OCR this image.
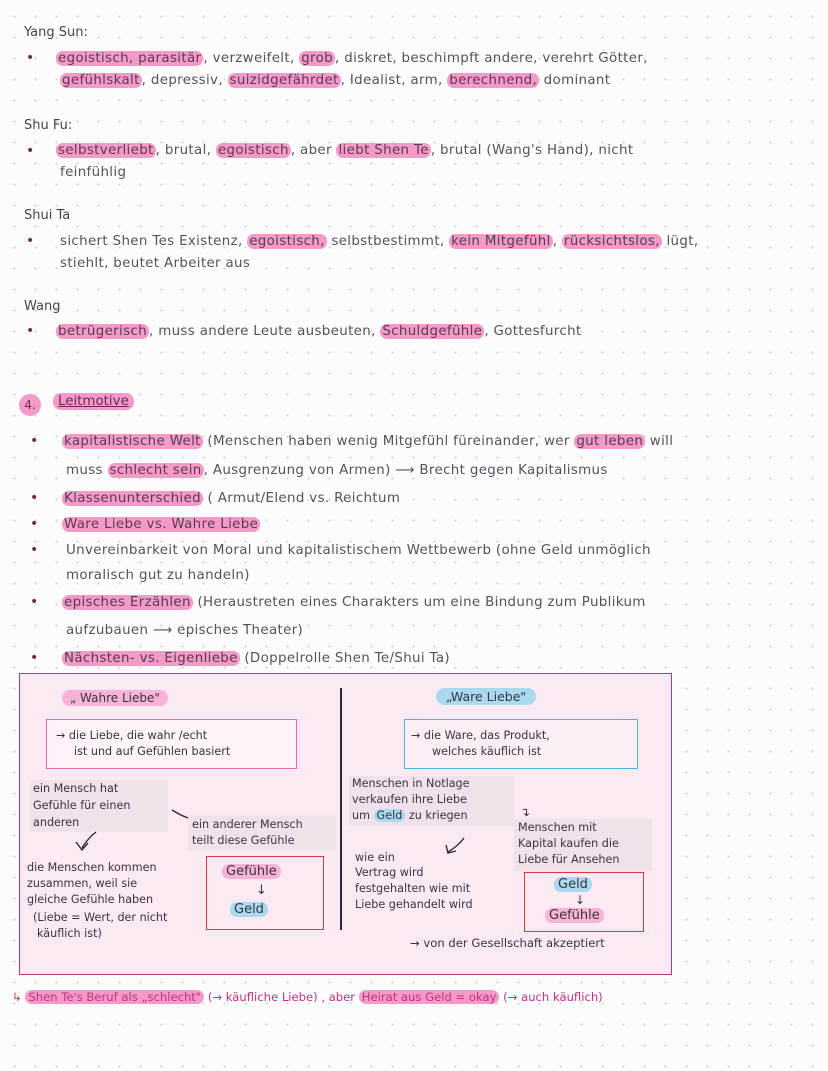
Yang Sun:
• egoistisch, parasitär , verzweifelt, grob , diskret, beschimpft andere, verehrt Götter,
gefühlskalt , depressiv, suizidgefährdet , Idealist, arm, berechnend, dominant
Shu Fu:
• selbstverliebt , brutal, egoistisch , aber liebt Shen Te , brutal (Wang's Hand), nicht
feinfühlig
Shui Ta
• sichert Shen Tes Existenz, egoistisch, selbstbestimmt, kein Mitgefühl , rücksichtslos, lügt,
stiehlt, beutet Arbeiter aus
Wang
• betrügerisch , muss andere Leute ausbeuten, Schuldgefühle , Gottesfurcht
4.	Leitmotive
• kapitalistische Welt (Menschen haben wenig Mitgefühl füreinander, wer gut leben will
muss schlecht sein , Ausgrenzung von Armen) ⟶ Brecht gegen Kapitalismus
• Klassenunterschied ( Armut/Elend vs. Reichtum
• Ware Liebe vs. Wahre Liebe
• Unvereinbarkeit von Moral und kapitalistischem Wettbewerb (ohne Geld unmöglich
moralisch gut zu handeln)
• episches Erzählen (Heraustreten eines Charakters um eine Bindung zum Publikum
aufzubauen ⟶ episches Theater)
• Nächsten- vs. Eigenliebe (Doppelrolle Shen Te/Shui Ta)
„ Wahre Liebe"
→ die Liebe, die wahr /echt
ist und auf Gefühlen basiert
ein Mensch hat
Gefühle für einen
anderen	ein anderer Mensch
teilt diese Gefühle
die Menschen kommen
zusammen, weil sie
gleiche Gefühle haben
(Liebe = Wert, der nicht
käuflich ist)
Gefühle
↓
Geld
„Ware Liebe"
→ die Ware, das Produkt,
welches käuflich ist
Menschen in Notlage
verkaufen ihre Liebe
um Geld zu kriegen	↴
Menschen mit
Kapital kaufen die
Liebe für Ansehen
wie ein
Vertrag wird
festgehalten wie mit
Liebe gehandelt wird
Geld
↓
Gefühle
→ von der Gesellschaft akzeptiert
↳ Shen Te's Beruf als „schlecht" (→ käufliche Liebe) , aber Heirat aus Geld = okay (→ auch käuflich)
